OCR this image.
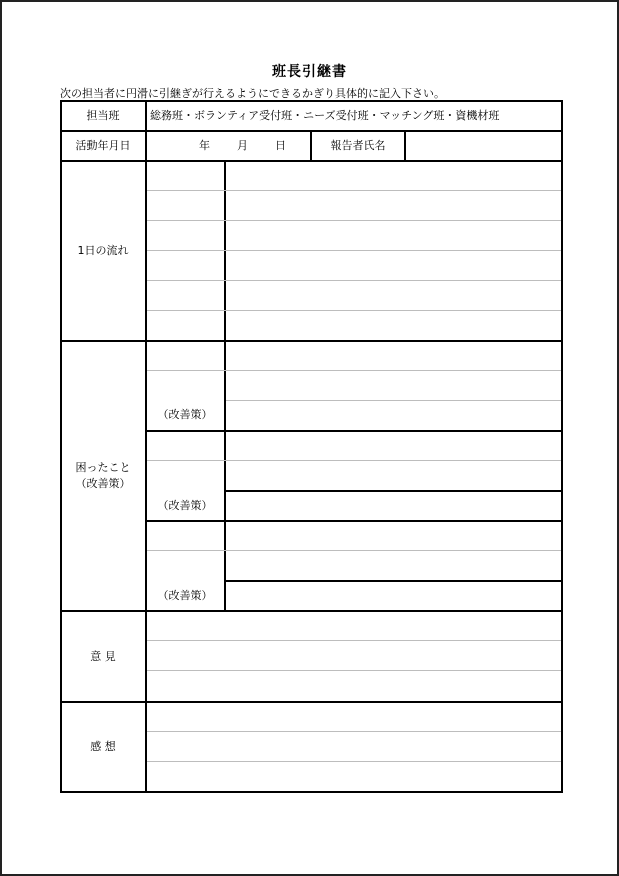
班長引継書
次の担当者に円滑に引継ぎが行えるようにできるかぎり具体的に記入下さい。
担当班	総務班・ボランティア受付班・ニーズ受付班・マッチング班・資機材班
活動年月日	年 月 日	報告者氏名
1日の流れ
困ったこと
（改善策）
（改善策）
（改善策）
（改善策）
意 見
感 想
